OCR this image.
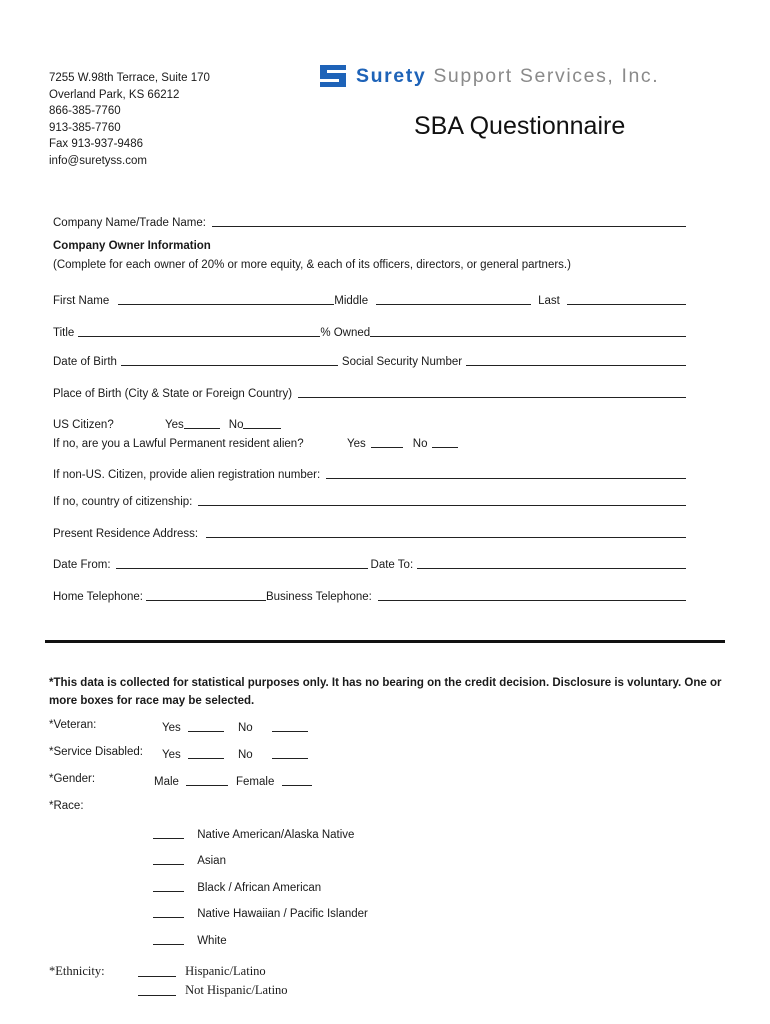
7255 W.98th Terrace, Suite 170
Overland Park, KS 66212
866-385-7760
913-385-7760
Fax 913-937-9486
info@suretyss.com
Surety Support Services, Inc.
SBA Questionnaire
Company Name/Trade Name:
Company Owner Information
(Complete for each owner of 20% or more equity, & each of its officers, directors, or general partners.)
First Name	Middle	Last
Title	% Owned
Date of Birth	Social Security Number
Place of Birth (City & State or Foreign Country)
US Citizen?	Yes	No
If no, are you a Lawful Permanent resident alien?	Yes	No
If non-US. Citizen, provide alien registration number:
If no, country of citizenship:
Present Residence Address:
Date From:	Date To:
Home Telephone:	Business Telephone:
*This data is collected for statistical purposes only. It has no bearing on the credit decision. Disclosure is voluntary. One or more boxes for race may be selected.
*Veteran:	Yes	No
*Service Disabled: Yes	No
*Gender:	Male	Female
*Race:
Native American/Alaska Native
Asian
Black / African American
Native Hawaiian / Pacific Islander
White
*Ethnicity:	Hispanic/Latino
Not Hispanic/Latino
